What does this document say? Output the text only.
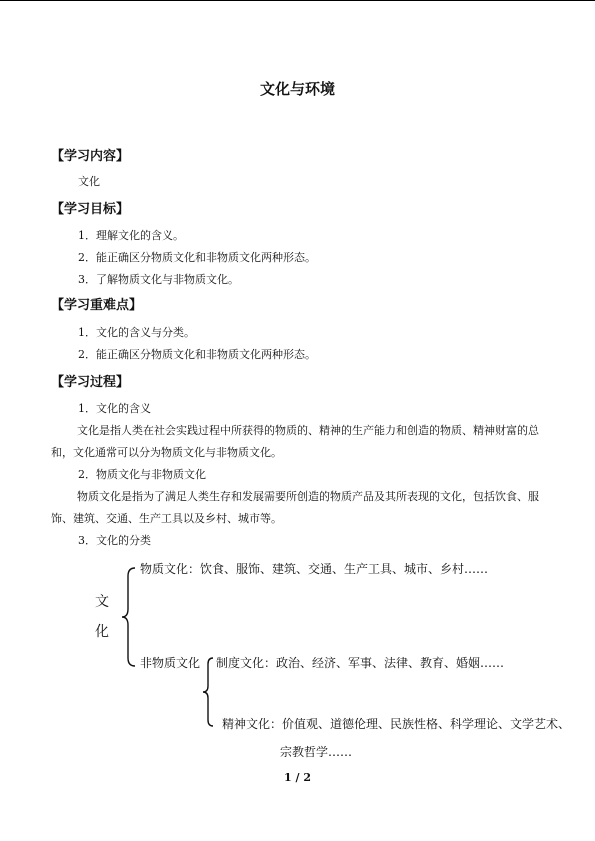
文化与环境
【学习内容】
文化
【学习目标】
1．理解文化的含义。
2．能正确区分物质文化和非物质文化两种形态。
3．了解物质文化与非物质文化。
【学习重难点】
1．文化的含义与分类。
2．能正确区分物质文化和非物质文化两种形态。
【学习过程】
1．文化的含义
文化是指人类在社会实践过程中所获得的物质的、精神的生产能力和创造的物质、精神财富的总和，文化通常可以分为物质文化与非物质文化。
2．物质文化与非物质文化
物质文化是指为了满足人类生存和发展需要所创造的物质产品及其所表现的文化，包括饮食、服饰、建筑、交通、生产工具以及乡村、城市等。
3．文化的分类
文
化
物质文化：饮食、服饰、建筑、交通、生产工具、城市、乡村……
非物质文化 制度文化：政治、经济、军事、法律、教育、婚姻……
精神文化：价值观、道德伦理、民族性格、科学理论、文学艺术、
宗教哲学……
1 / 2
